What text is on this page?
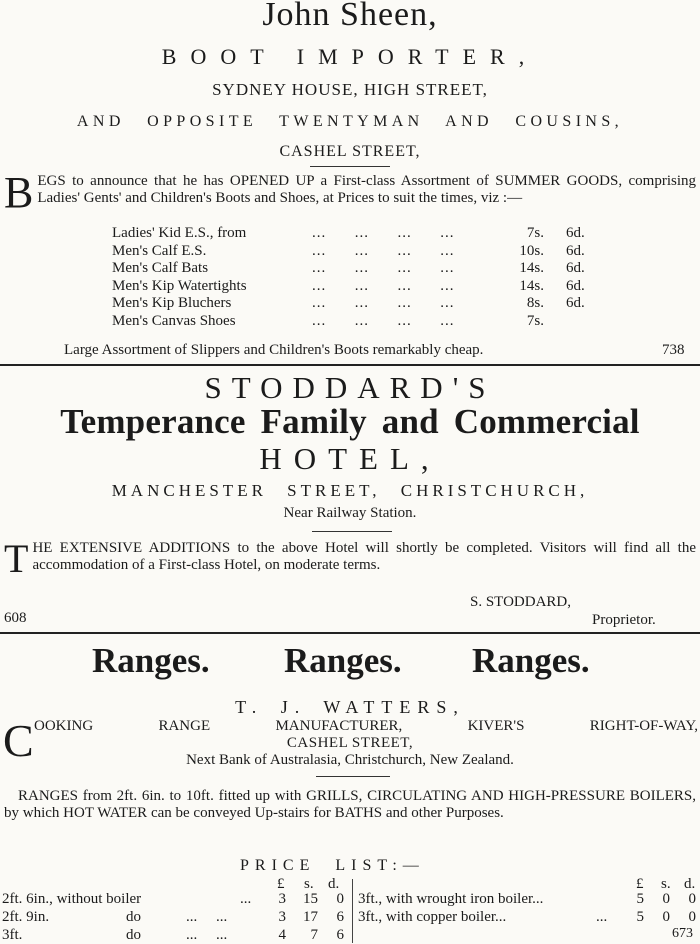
John Sheen,
BOOT IMPORTER,
SYDNEY HOUSE, HIGH STREET,
AND OPPOSITE TWENTYMAN AND COUSINS,
CASHEL STREET,
BEGS to announce that he has OPENED UP a First-class Assortment of SUMMER GOODS, comprising Ladies' Gents' and Children's Boots and Shoes, at Prices to suit the times, viz :—
Ladies' Kid E.S., from	...      ...      ...      ...	7s. 6d.
Men's Calf E.S.	...      ...      ...      ...	10s. 6d.
Men's Calf Bats	...      ...      ...      ...	14s. 6d.
Men's Kip Watertights	...      ...      ...      ...	14s. 6d.
Men's Kip Bluchers	...      ...      ...      ...	8s. 6d.
Men's Canvas Shoes	...      ...      ...      ...	7s.
Large Assortment of Slippers and Children's Boots remarkably cheap.	738
STODDARD'S
Temperance Family and Commercial
HOTEL,
MANCHESTER STREET, CHRISTCHURCH,
Near Railway Station.
THE EXTENSIVE ADDITIONS to the above Hotel will shortly be completed. Visitors will find all the accommodation of a First-class Hotel, on moderate terms.
S. STODDARD,
608	Proprietor.
Ranges. Ranges. Ranges.
T. J. WATTERS,
C OOKING RANGE MANUFACTURER, KIVER'S RIGHT-OF-WAY,
CASHEL STREET,
Next Bank of Australasia, Christchurch, New Zealand.
RANGES from 2ft. 6in. to 10ft. fitted up with GRILLS, CIRCULATING AND HIGH-PRESSURE BOILERS, by which HOT WATER can be conveyed Up-stairs for BATHS and other Purposes.
PRICE LIST:—
£ s. d.	£ s. d.
2ft. 6in., without boiler	...	3	15	0
2ft. 9in.	do	...     ...	3	17	6
3ft.	do	...     ...	4	7	6
3ft., with wrought iron boiler...	5	0	0
3ft., with copper boiler...	...	5	0	0
673
